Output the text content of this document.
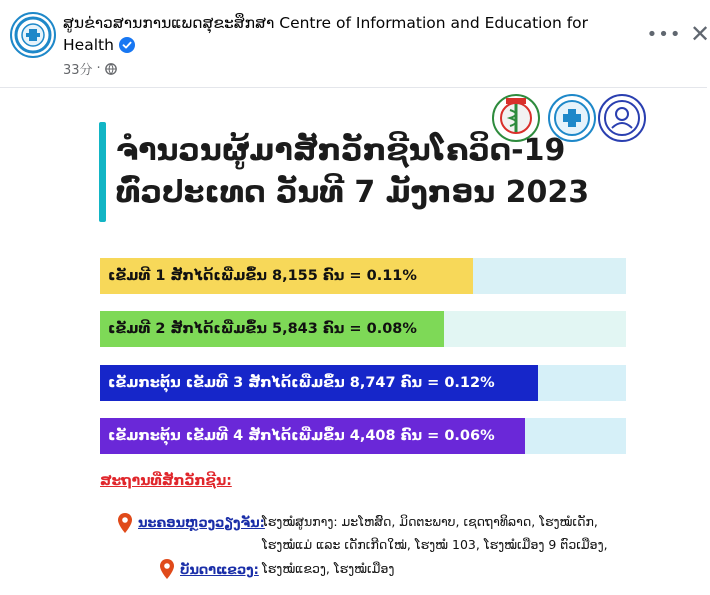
ສູນຂ່າວສານການແພດສຸຂະສຶກສາ Centre of Information and Education for Health
33分 ·
••• ✕
ຈຳນວນຜູ້ມາສັກວັກຊີນໂຄວິດ-19
ທົ່ວປະເທດ ວັນທີ 7 ມັງກອນ 2023
ເຂັມທີ 1 ສັກໄດ້ເພີ່ມຂຶ້ນ 8,155 ຄົນ = 0.11%
ເຂັມທີ 2 ສັກໄດ້ເພີ່ມຂຶ້ນ 5,843 ຄົນ = 0.08%
ເຂັມກະຕຸ້ນ ເຂັມທີ 3 ສັກໄດ້ເພີ່ມຂຶ້ນ 8,747 ຄົນ = 0.12%
ເຂັມກະຕຸ້ນ ເຂັມທີ 4 ສັກໄດ້ເພີ່ມຂຶ້ນ 4,408 ຄົນ = 0.06%
ສະຖານທີ່ສັກວັກຊີນ:
ນະຄອນຫຼວງວຽງຈັນ:
ໂຮງໝໍສູນກາງ: ມະໂຫສົດ, ມິດຕະພາບ, ເຊດຖາທິລາດ, ໂຮງໝໍເດັກ,
ໂຮງໝໍແມ່ ແລະ ເດັກເກີດໃໝ່, ໂຮງໝໍ 103, ໂຮງໝໍເມືອງ 9 ຕົວເມືອງ,
ບັນດາແຂວງ: ໂຮງໝໍແຂວງ, ໂຮງໝໍເມືອງ
